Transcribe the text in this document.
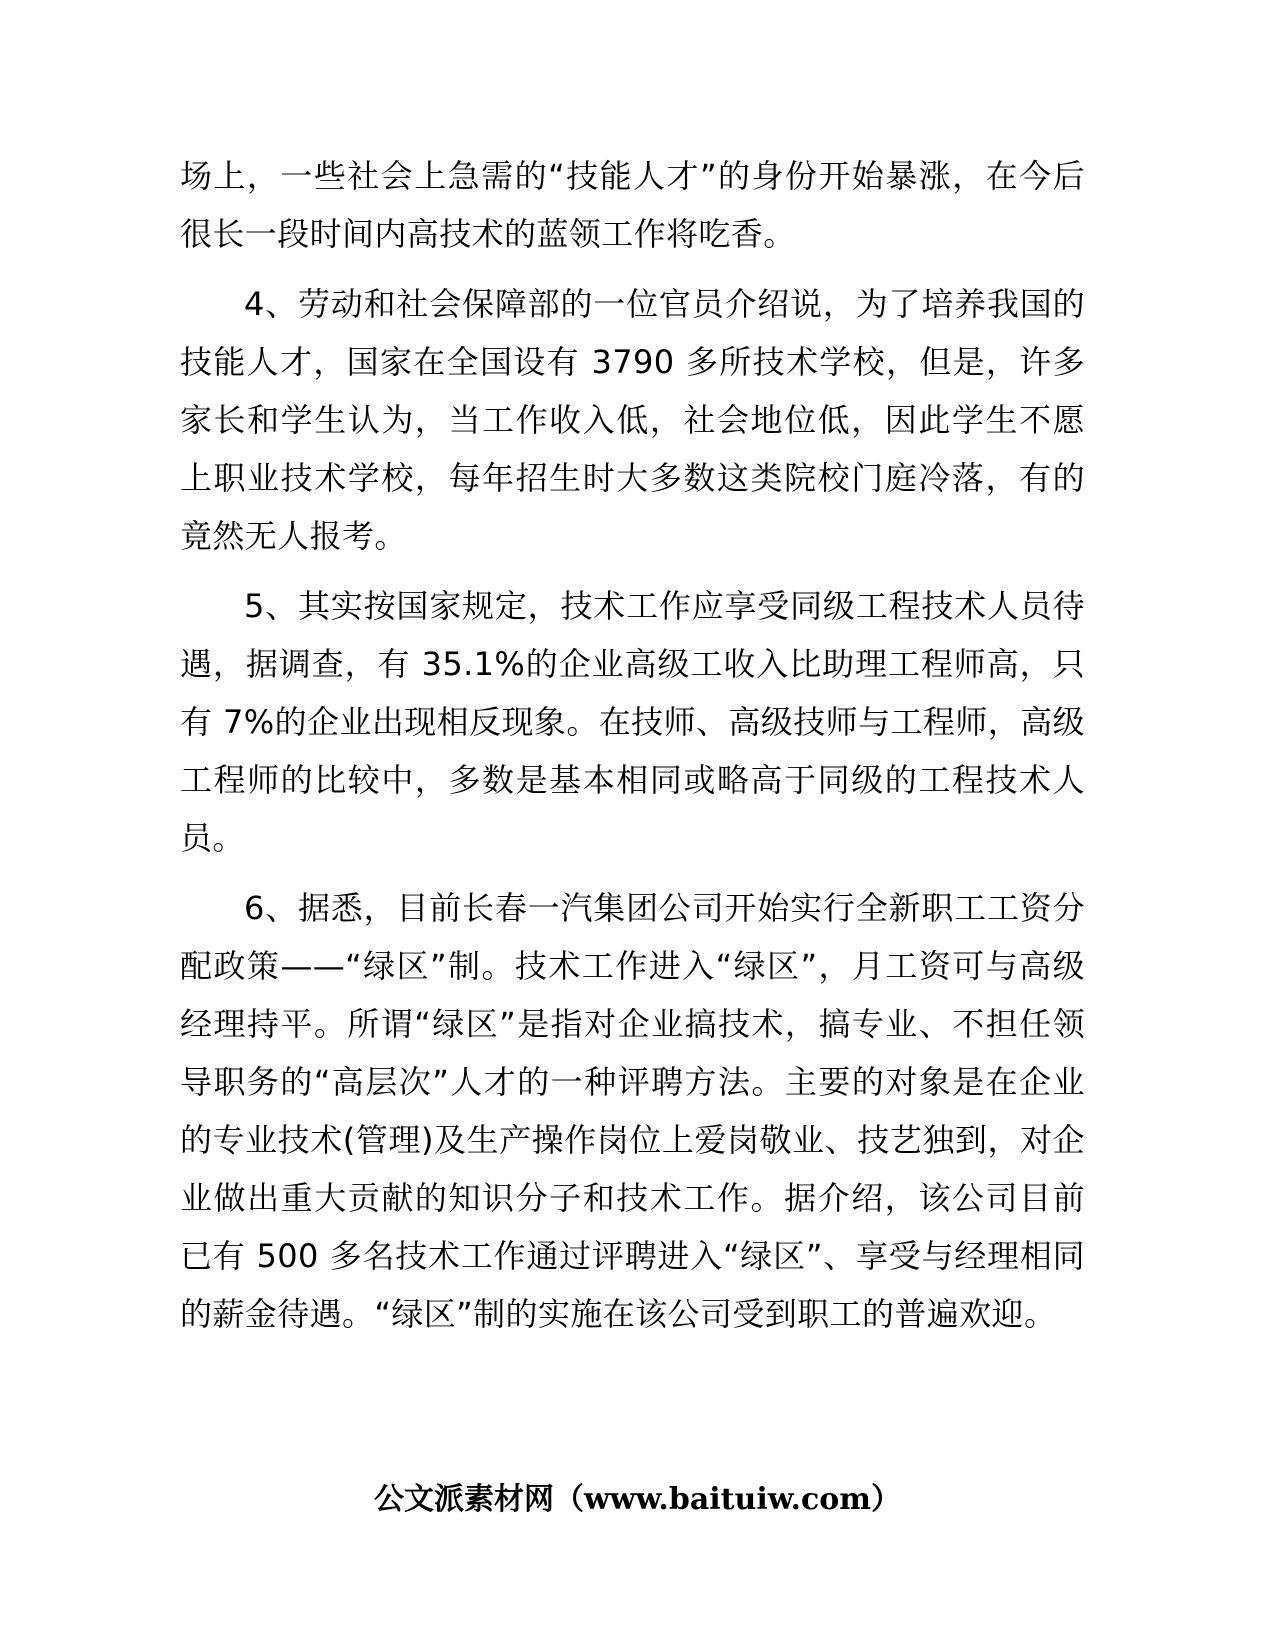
场上，一些社会上急需的“技能人才”的身份开始暴涨，在今后很长一段时间内高技术的蓝领工作将吃香。

4、劳动和社会保障部的一位官员介绍说，为了培养我国的技能人才，国家在全国设有 3790 多所技术学校，但是，许多家长和学生认为，当工作收入低，社会地位低，因此学生不愿上职业技术学校，每年招生时大多数这类院校门庭冷落，有的竟然无人报考。

5、其实按国家规定，技术工作应享受同级工程技术人员待遇，据调查，有 35.1%的企业高级工收入比助理工程师高，只有 7%的企业出现相反现象。在技师、高级技师与工程师，高级工程师的比较中，多数是基本相同或略高于同级的工程技术人员。

6、据悉，目前长春一汽集团公司开始实行全新职工工资分配政策——“绿区”制。技术工作进入“绿区”，月工资可与高级经理持平。所谓“绿区”是指对企业搞技术，搞专业、不担任领导职务的“高层次”人才的一种评聘方法。主要的对象是在企业的专业技术(管理)及生产操作岗位上爱岗敬业、技艺独到，对企业做出重大贡献的知识分子和技术工作。据介绍，该公司目前已有 500 多名技术工作通过评聘进入“绿区”、享受与经理相同的薪金待遇。“绿区”制的实施在该公司受到职工的普遍欢迎。

公文派素材网（www.baituiw.com）
